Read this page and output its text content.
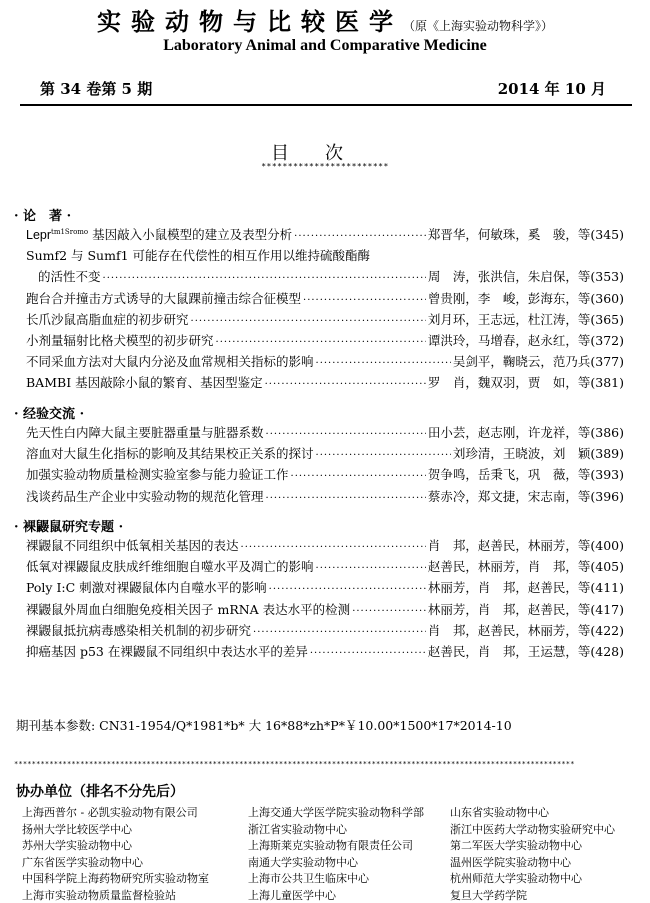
实验动物与比较医学（原《上海实验动物科学》）
Laboratory Animal and Comparative Medicine
第 34 卷第 5 期	2014 年 10 月
目次
************************
· 论　著 ·
Lepr$^{tm1Sromo}$ 基因敲入小鼠模型的建立及表型分析 ·····	郑晋华，何敏珠，奚　骏，等(345)
Sumf2 与 Sumf1 可能存在代偿性的相互作用以维持硫酸酯酶
的活性不变 ·····	周　涛，张洪信，朱启保，等(353)
跑台合并撞击方式诱导的大鼠踝前撞击综合征模型 ·····	曾贵刚，李　峻，彭海东，等(360)
长爪沙鼠高脂血症的初步研究 ·····	刘月环，王志远，杜江涛，等(365)
小剂量辐射比格犬模型的初步研究 ·····	谭洪玲，马增春，赵永红，等(372)
不同采血方法对大鼠内分泌及血常规相关指标的影响 ·····	吴剑平，鞠晓云，范乃兵(377)
BAMBI 基因敲除小鼠的繁育、基因型鉴定 ·····	罗　肖，魏双羽，贾　如，等(381)
· 经验交流 ·
先天性白内障大鼠主要脏器重量与脏器系数 ·····	田小芸，赵志刚，许龙祥，等(386)
溶血对大鼠生化指标的影响及其结果校正关系的探讨 ·····	刘珍清，王晓波，刘　颖(389)
加强实验动物质量检测实验室参与能力验证工作 ·····	贺争鸣，岳秉飞，巩　薇，等(393)
浅谈药品生产企业中实验动物的规范化管理 ·····	蔡赤冷，郑文捷，宋志南，等(396)
· 裸鼹鼠研究专题 ·
裸鼹鼠不同组织中低氧相关基因的表达 ·····	肖　邦，赵善民，林丽芳，等(400)
低氧对裸鼹鼠皮肤成纤维细胞自噬水平及凋亡的影响 ·····	赵善民，林丽芳，肖　邦，等(405)
Poly I:C 刺激对裸鼹鼠体内自噬水平的影响 ·····	林丽芳，肖　邦，赵善民，等(411)
裸鼹鼠外周血白细胞免疫相关因子 mRNA 表达水平的检测 ·····	林丽芳，肖　邦，赵善民，等(417)
裸鼹鼠抵抗病毒感染相关机制的初步研究 ·····	肖　邦，赵善民，林丽芳，等(422)
抑癌基因 p53 在裸鼹鼠不同组织中表达水平的差异 ·····	赵善民，肖　邦，王运慧，等(428)
期刊基本参数: CN31-1954/Q*1981*b* 大 16*88*zh*P*￥10.00*1500*17*2014-10
*******************************************************************************************************************************
协办单位（排名不分先后）
上海西普尔 - 必凯实验动物有限公司
扬州大学比较医学中心
苏州大学实验动物中心
广东省医学实验动物中心
中国科学院上海药物研究所实验动物室
上海市实验动物质量监督检验站
上海交通大学医学院实验动物科学部
浙江省实验动物中心
上海斯莱克实验动物有限责任公司
南通大学实验动物中心
上海市公共卫生临床中心
上海儿童医学中心
山东省实验动物中心
浙江中医药大学动物实验研究中心
第二军医大学实验动物中心
温州医学院实验动物中心
杭州师范大学实验动物中心
复旦大学药学院
